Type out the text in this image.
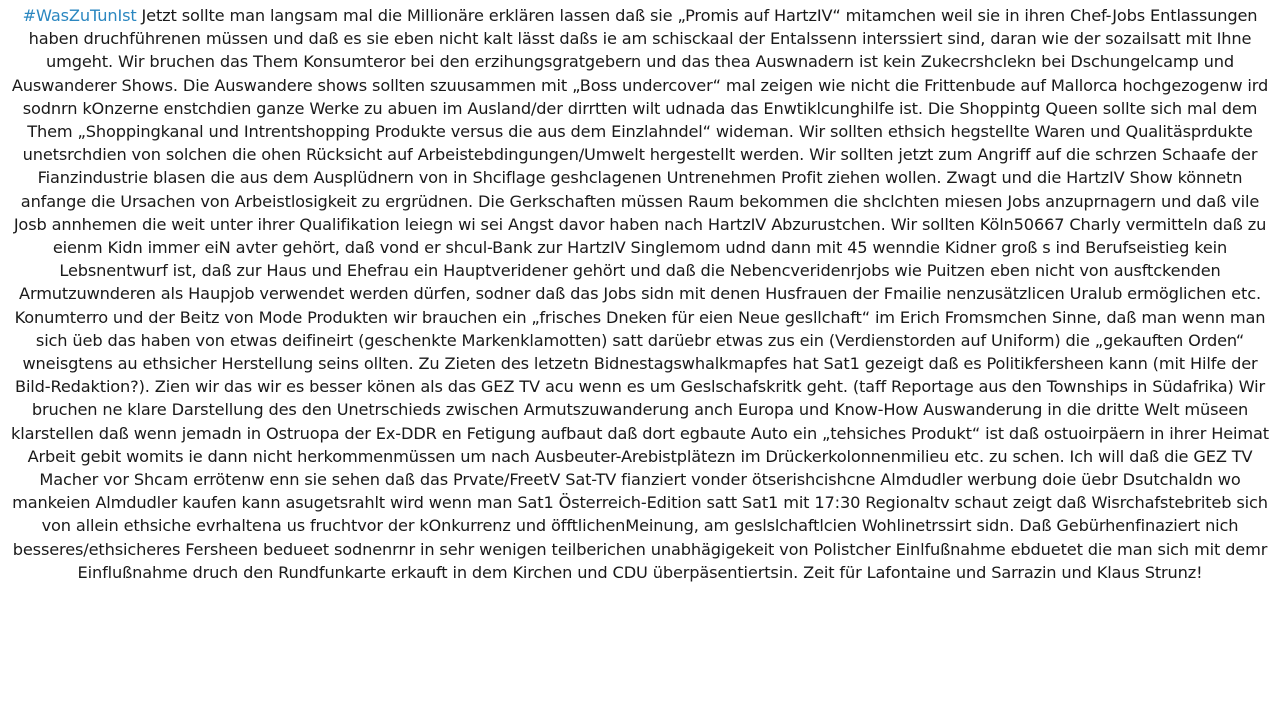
#WasZuTunIst Jetzt sollte man langsam mal die Millionäre erklären lassen daß sie „Promis auf HartzIV“ mitamchen weil sie in ihren Chef-Jobs Entlassungen haben druchführenen müssen und daß es sie eben nicht kalt lässt daßs ie am schisckaal der Entalssenn interssiert sind, daran wie der sozailsatt mit Ihne umgeht. Wir bruchen das Them Konsumteror bei den erzihungsgratgebern und das thea Auswnadern ist kein Zukecrshclekn bei Dschungelcamp und Auswanderer Shows. Die Auswandere shows sollten szuusammen mit „Boss undercover“ mal zeigen wie nicht die Frittenbude auf Mallorca hochgezogenw ird sodnrn kOnzerne enstchdien ganze Werke zu abuen im Ausland/der dirrtten wilt udnada das Enwtiklcunghilfe ist. Die Shoppintg Queen sollte sich mal dem Them „Shoppingkanal und Intrentshopping Produkte versus die aus dem Einzlahndel“ wideman. Wir sollten ethsich hegstellte Waren und Qualitäsprdukte unetsrchdien von solchen die ohen Rücksicht auf Arbeistebdingungen/Umwelt hergestellt werden. Wir sollten jetzt zum Angriff auf die schrzen Schaafe der Fianzindustrie blasen die aus dem Ausplüdnern von in Shciflage geshclagenen Untrenehmen Profit ziehen wollen. Zwagt und die HartzIV Show könnetn anfange die Ursachen von Arbeistlosigkeit zu ergrüdnen. Die Gerkschaften müssen Raum bekommen die shclchten miesen Jobs anzuprnagern und daß vile Josb annhemen die weit unter ihrer Qualifikation leiegn wi sei Angst davor haben nach HartzIV Abzurustchen. Wir sollten Köln50667 Charly vermitteln daß zu eienm Kidn immer eiN avter gehört, daß vond er shcul-Bank zur HartzIV Singlemom udnd dann mit 45 wenndie Kidner groß s ind Berufseistieg kein Lebsnentwurf ist, daß zur Haus und Ehefrau ein Hauptveridener gehört und daß die Nebencveridenrjobs wie Puitzen eben nicht von ausftckenden Armutzuwnderen als Haupjob verwendet werden dürfen, sodner daß das Jobs sidn mit denen Husfrauen der Fmailie nenzusätzlicen Uralub ermöglichen etc. Konumterro und der Beitz von Mode Produkten wir brauchen ein „frisches Dneken für eien Neue gesllchaft“ im Erich Fromsmchen Sinne, daß man wenn man sich üeb das haben von etwas deifineirt (geschenkte Markenklamotten) satt darüebr etwas zus ein (Verdienstorden auf Uniform) die „gekauften Orden“ wneisgtens au ethsicher Herstellung seins ollten. Zu Zieten des letzetn Bidnestagswhalkmapfes hat Sat1 gezeigt daß es Politikfersheen kann (mit Hilfe der Bild-Redaktion?). Zien wir das wir es besser könen als das GEZ TV acu wenn es um Geslschafskritk geht. (taff Reportage aus den Townships in Südafrika) Wir bruchen ne klare Darstellung des den Unetrschieds zwischen Armutszuwanderung anch Europa und Know-How Auswanderung in die dritte Welt müseen klarstellen daß wenn jemadn in Ostruopa der Ex-DDR en Fetigung aufbaut daß dort egbaute Auto ein „tehsiches Produkt“ ist daß ostuoirpäern in ihrer Heimat Arbeit gebit womits ie dann nicht herkommenmüssen um nach Ausbeuter-Arebistplätezn im Drückerkolonnenmilieu etc. zu schen. Ich will daß die GEZ TV Macher vor Shcam errötenw enn sie sehen daß das Prvate/FreetV Sat-TV fianziert vonder ötserishcishcne Almdudler werbung doie üebr Dsutchaldn wo mankeien Almdudler kaufen kann asugetsrahlt wird wenn man Sat1 Österreich-Edition satt Sat1 mit 17:30 Regionaltv schaut zeigt daß Wisrchafstebriteb sich von allein ethsiche evrhaltena us fruchtvor der kOnkurrenz und öfftlichenMeinung, am geslslchaftlcien Wohlinetrssirt sidn. Daß Gebürhenfinaziert nich besseres/ethsicheres Fersheen bedueet sodnenrnr in sehr wenigen teilberichen unabhägigekeit von Polistcher Einlfußnahme ebduetet die man sich mit demr Einflußnahme druch den Rundfunkarte erkauft in dem Kirchen und CDU überpäsentiertsin. Zeit für Lafontaine und Sarrazin und Klaus Strunz!
